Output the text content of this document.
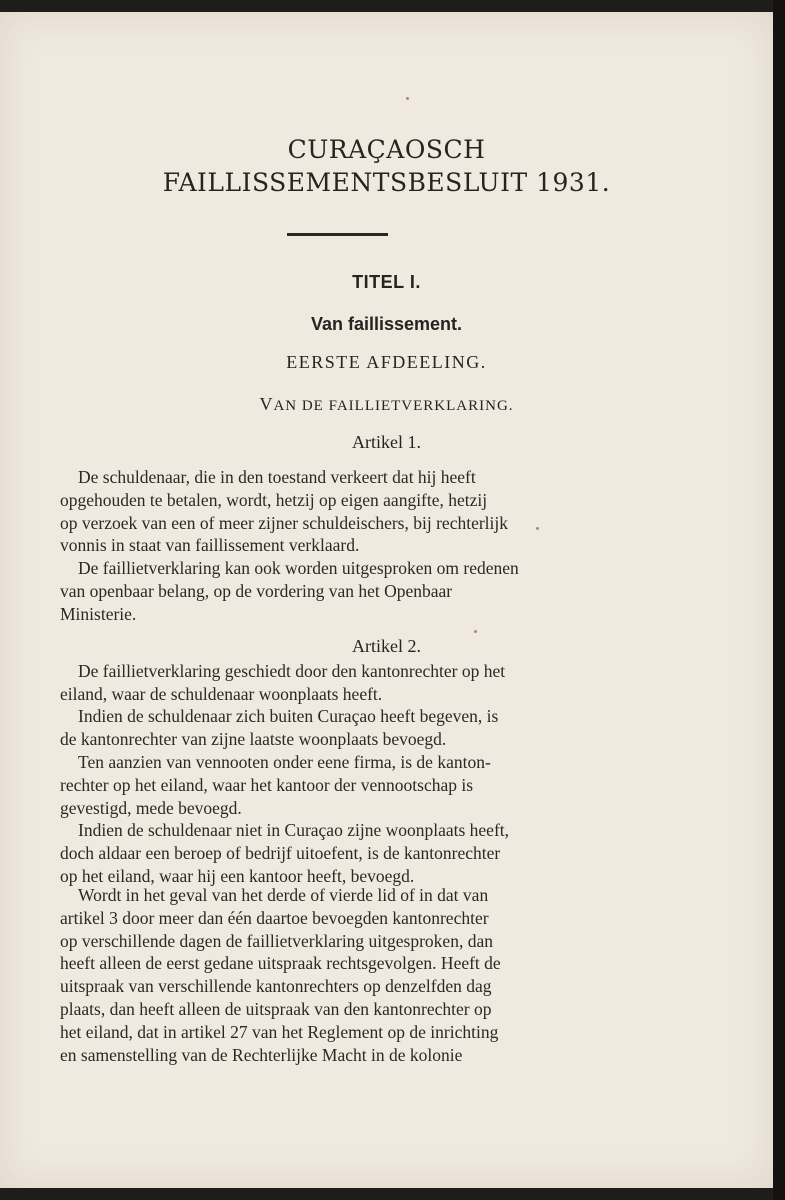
CURAÇAOSCH
FAILLISSEMENTSBESLUIT 1931.
TITEL I.
Van faillissement.
EERSTE AFDEELING.
VAN DE FAILLIETVERKLARING.
Artikel 1.
De schuldenaar, die in den toestand verkeert dat hij heeft
opgehouden te betalen, wordt, hetzij op eigen aangifte, hetzij
op verzoek van een of meer zijner schuldeischers, bij rechterlijk
vonnis in staat van faillissement verklaard.
De faillietverklaring kan ook worden uitgesproken om redenen
van openbaar belang, op de vordering van het Openbaar
Ministerie.
Artikel 2.
De faillietverklaring geschiedt door den kantonrechter op het
eiland, waar de schuldenaar woonplaats heeft.
Indien de schuldenaar zich buiten Curaçao heeft begeven, is
de kantonrechter van zijne laatste woonplaats bevoegd.
Ten aanzien van vennooten onder eene firma, is de kanton-
rechter op het eiland, waar het kantoor der vennootschap is
gevestigd, mede bevoegd.
Indien de schuldenaar niet in Curaçao zijne woonplaats heeft,
doch aldaar een beroep of bedrijf uitoefent, is de kantonrechter
op het eiland, waar hij een kantoor heeft, bevoegd.
Wordt in het geval van het derde of vierde lid of in dat van
artikel 3 door meer dan één daartoe bevoegden kantonrechter
op verschillende dagen de faillietverklaring uitgesproken, dan
heeft alleen de eerst gedane uitspraak rechtsgevolgen. Heeft de
uitspraak van verschillende kantonrechters op denzelfden dag
plaats, dan heeft alleen de uitspraak van den kantonrechter op
het eiland, dat in artikel 27 van het Reglement op de inrichting
en samenstelling van de Rechterlijke Macht in de kolonie
